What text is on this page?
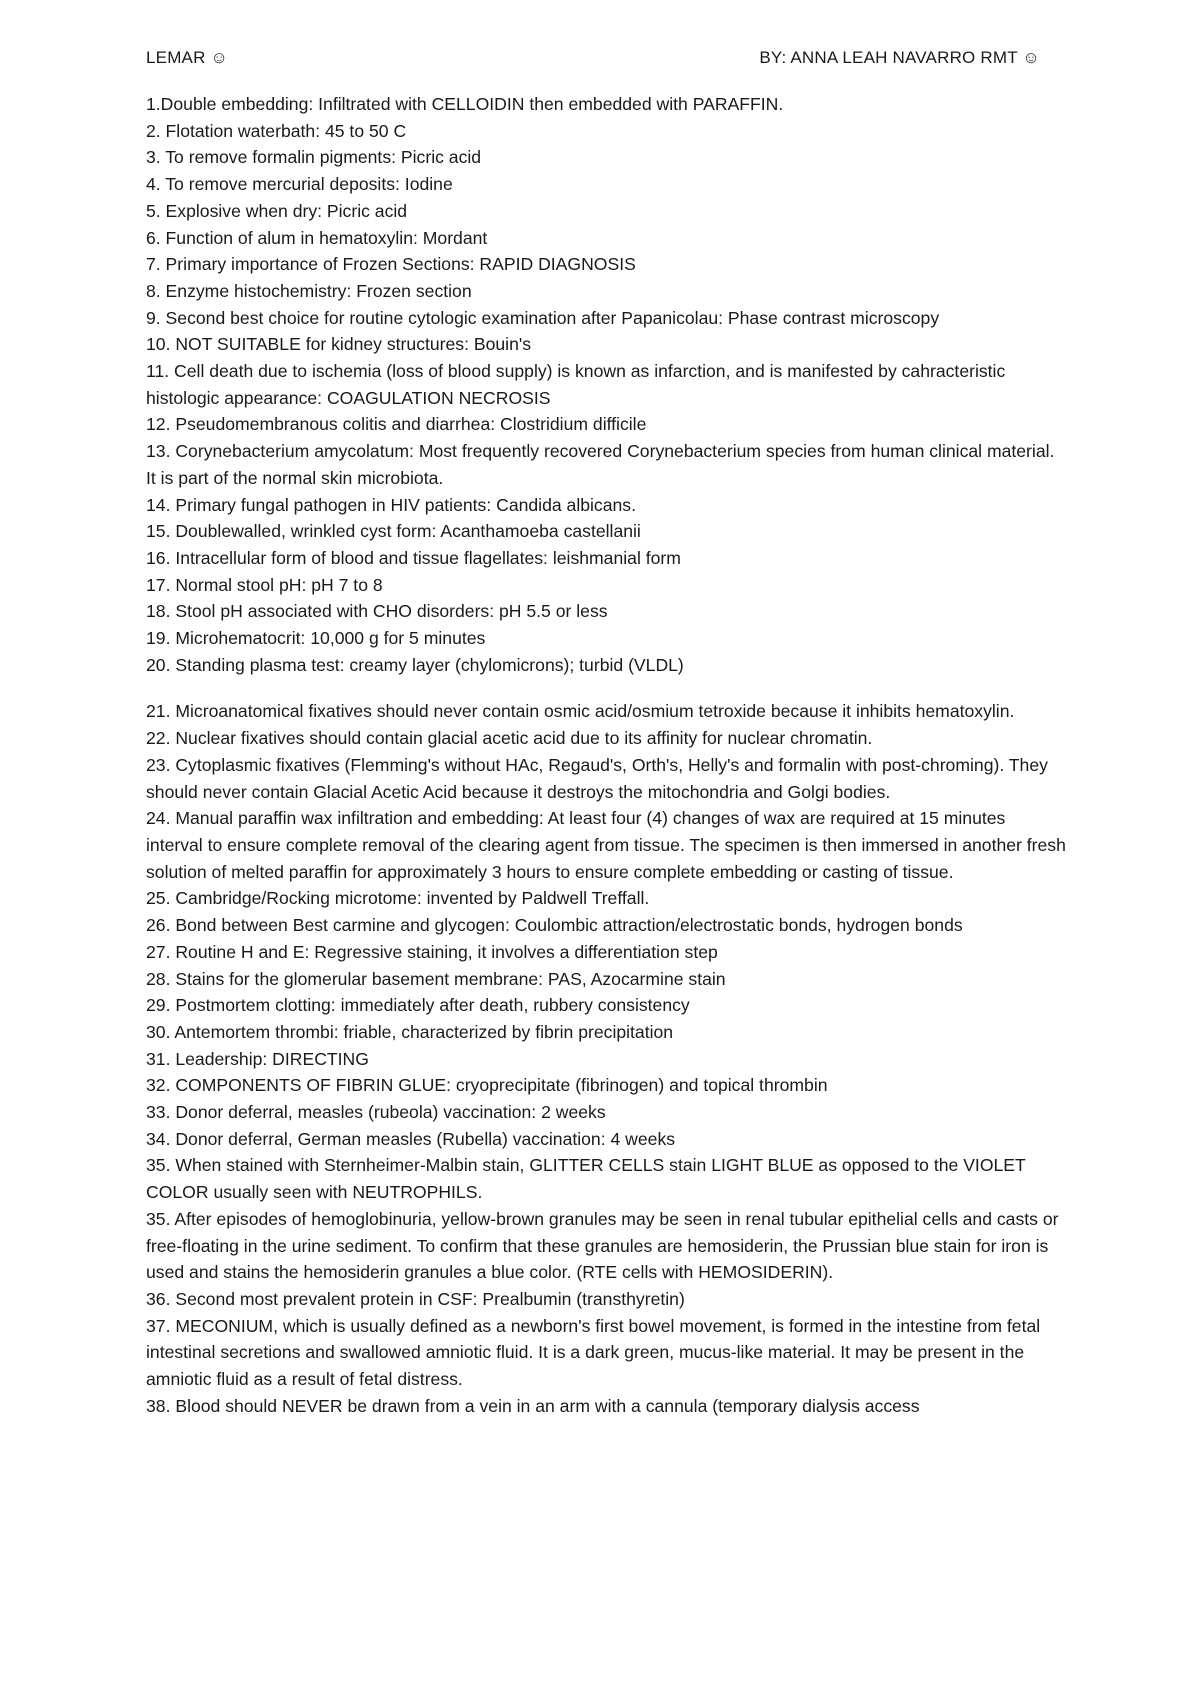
LEMAR ☺	BY: ANNA LEAH NAVARRO RMT ☺

1.Double embedding: Infiltrated with CELLOIDIN then embedded with PARAFFIN.

2. Flotation waterbath: 45 to 50 C

3. To remove formalin pigments: Picric acid

4. To remove mercurial deposits: Iodine

5. Explosive when dry: Picric acid

6. Function of alum in hematoxylin: Mordant

7. Primary importance of Frozen Sections: RAPID DIAGNOSIS

8. Enzyme histochemistry: Frozen section

9. Second best choice for routine cytologic examination after Papanicolau: Phase contrast microscopy

10. NOT SUITABLE for kidney structures: Bouin's

11. Cell death due to ischemia (loss of blood supply) is known as infarction, and is manifested by cahracteristic histologic appearance: COAGULATION NECROSIS

12. Pseudomembranous colitis and diarrhea: Clostridium difficile

13. Corynebacterium amycolatum: Most frequently recovered Corynebacterium species from human clinical material. It is part of the normal skin microbiota.

14. Primary fungal pathogen in HIV patients: Candida albicans.

15. Doublewalled, wrinkled cyst form: Acanthamoeba castellanii

16. Intracellular form of blood and tissue flagellates: leishmanial form

17. Normal stool pH: pH 7 to 8

18. Stool pH associated with CHO disorders: pH 5.5 or less

19. Microhematocrit: 10,000 g for 5 minutes

20. Standing plasma test: creamy layer (chylomicrons); turbid (VLDL)

21. Microanatomical fixatives should never contain osmic acid/osmium tetroxide because it inhibits hematoxylin.

22. Nuclear fixatives should contain glacial acetic acid due to its affinity for nuclear chromatin.

23. Cytoplasmic fixatives (Flemming's without HAc, Regaud's, Orth's, Helly's and formalin with post-chroming). They should never contain Glacial Acetic Acid because it destroys the mitochondria and Golgi bodies.

24. Manual paraffin wax infiltration and embedding: At least four (4) changes of wax are required at 15 minutes interval to ensure complete removal of the clearing agent from tissue. The specimen is then immersed in another fresh solution of melted paraffin for approximately 3 hours to ensure complete embedding or casting of tissue.

25. Cambridge/Rocking microtome: invented by Paldwell Treffall.

26. Bond between Best carmine and glycogen: Coulombic attraction/electrostatic bonds, hydrogen bonds

27. Routine H and E: Regressive staining, it involves a differentiation step

28. Stains for the glomerular basement membrane: PAS, Azocarmine stain

29. Postmortem clotting: immediately after death, rubbery consistency

30. Antemortem thrombi: friable, characterized by fibrin precipitation

31. Leadership: DIRECTING

32. COMPONENTS OF FIBRIN GLUE: cryoprecipitate (fibrinogen) and topical thrombin

33. Donor deferral, measles (rubeola) vaccination: 2 weeks

34. Donor deferral, German measles (Rubella) vaccination: 4 weeks

35. When stained with Sternheimer-Malbin stain, GLITTER CELLS stain LIGHT BLUE as opposed to the VIOLET COLOR usually seen with NEUTROPHILS.

35. After episodes of hemoglobinuria, yellow-brown granules may be seen in renal tubular epithelial cells and casts or free-floating in the urine sediment. To confirm that these granules are hemosiderin, the Prussian blue stain for iron is used and stains the hemosiderin granules a blue color. (RTE cells with HEMOSIDERIN).

36. Second most prevalent protein in CSF: Prealbumin (transthyretin)

37. MECONIUM, which is usually defined as a newborn's first bowel movement, is formed in the intestine from fetal intestinal secretions and swallowed amniotic fluid. It is a dark green, mucus-like material. It may be present in the amniotic fluid as a result of fetal distress.

38. Blood should NEVER be drawn from a vein in an arm with a cannula (temporary dialysis access
